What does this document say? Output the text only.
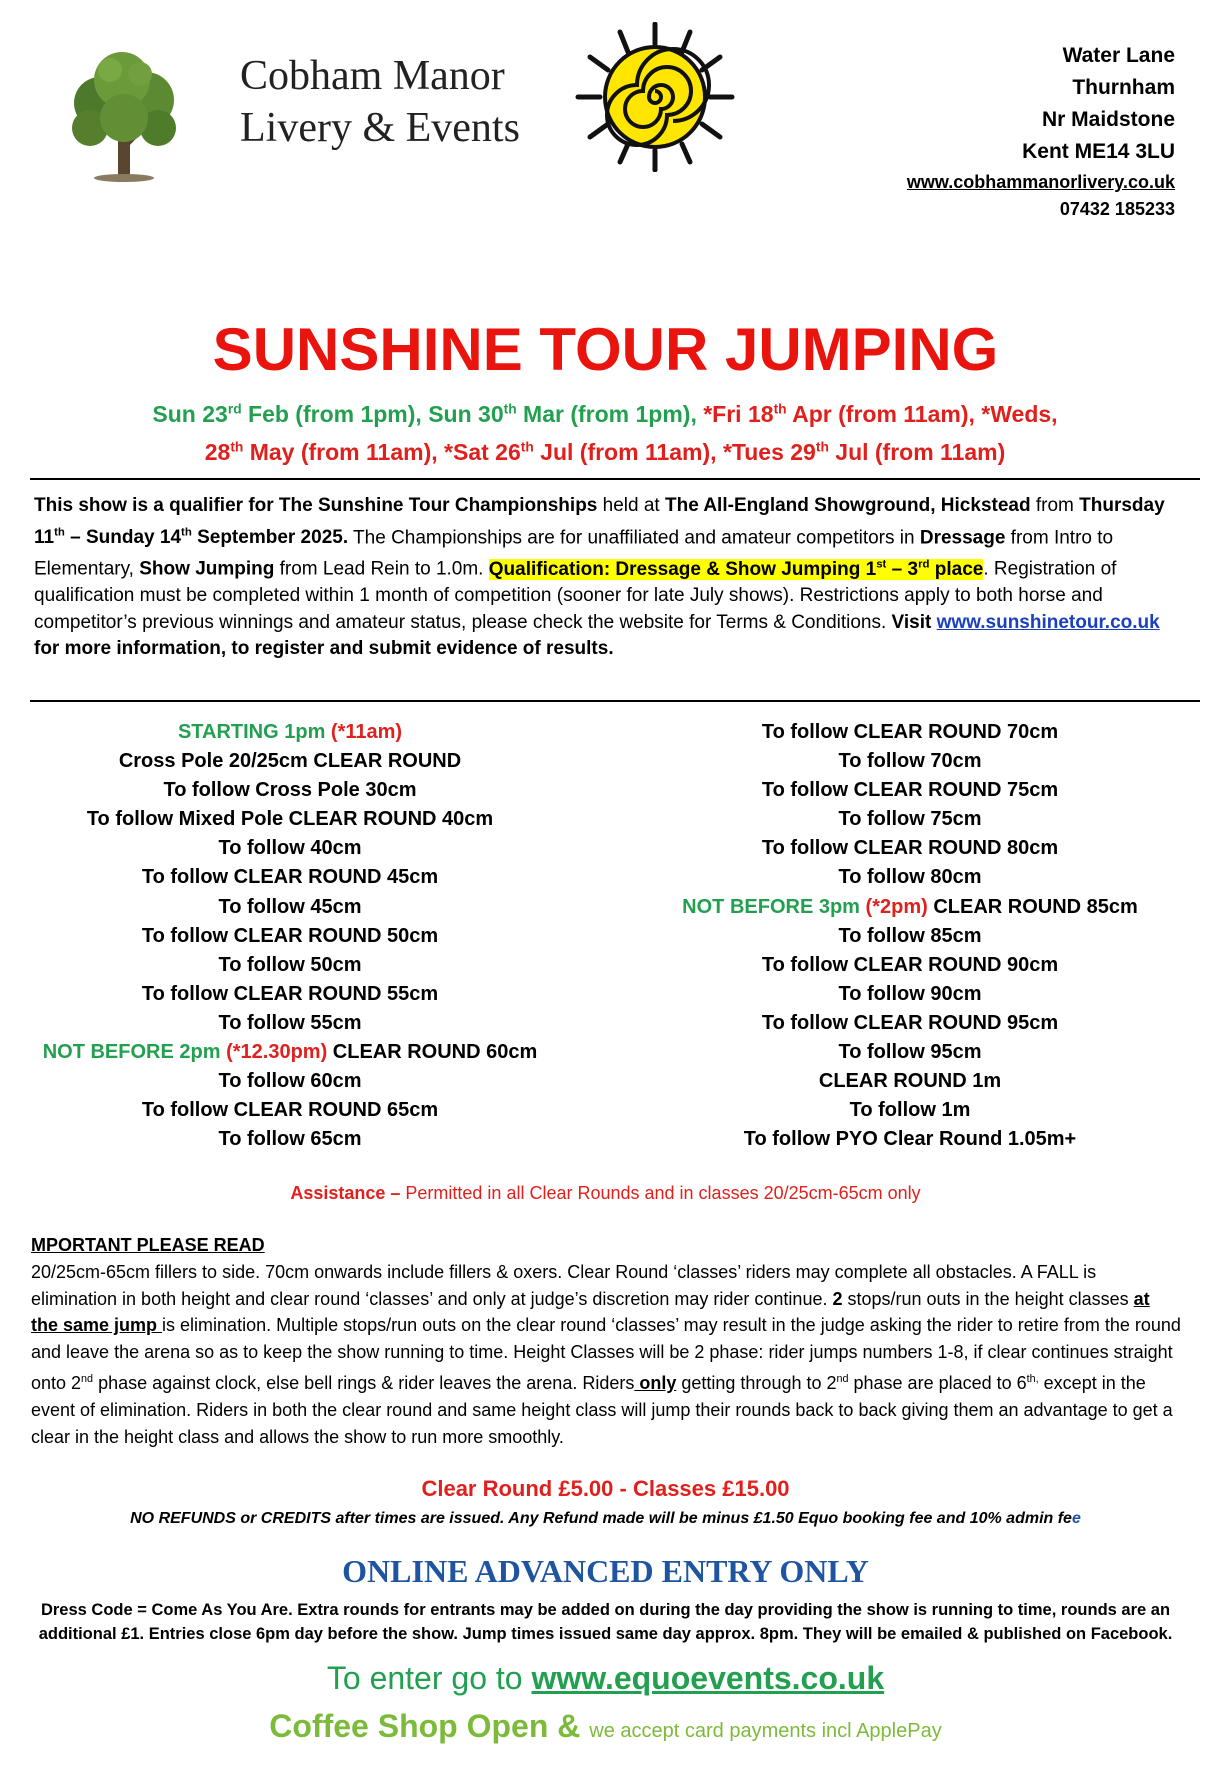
Cobham Manor
Livery & Events
Water Lane
Thurnham
Nr Maidstone
Kent ME14 3LU
www.cobhammanorlivery.co.uk
07432 185233
SUNSHINE TOUR JUMPING
Sun 23rd Feb (from 1pm), Sun 30th Mar (from 1pm), *Fri 18th Apr (from 11am), *Weds,
28th May (from 11am), *Sat 26th Jul (from 11am), *Tues 29th Jul (from 11am)
This show is a qualifier for The Sunshine Tour Championships held at The All-England Showground, Hickstead from Thursday 11th – Sunday 14th September 2025. The Championships are for unaffiliated and amateur competitors in Dressage from Intro to Elementary, Show Jumping from Lead Rein to 1.0m. Qualification: Dressage & Show Jumping 1st – 3rd place. Registration of qualification must be completed within 1 month of competition (sooner for late July shows). Restrictions apply to both horse and competitor’s previous winnings and amateur status, please check the website for Terms & Conditions. Visit www.sunshinetour.co.uk for more information, to register and submit evidence of results.
STARTING 1pm (*11am)
Cross Pole 20/25cm CLEAR ROUND
To follow Cross Pole 30cm
To follow Mixed Pole CLEAR ROUND 40cm
To follow 40cm
To follow CLEAR ROUND 45cm
To follow 45cm
To follow CLEAR ROUND 50cm
To follow 50cm
To follow CLEAR ROUND 55cm
To follow 55cm
NOT BEFORE 2pm (*12.30pm) CLEAR ROUND 60cm
To follow 60cm
To follow CLEAR ROUND 65cm
To follow 65cm
To follow CLEAR ROUND 70cm
To follow 70cm
To follow CLEAR ROUND 75cm
To follow 75cm
To follow CLEAR ROUND 80cm
To follow 80cm
NOT BEFORE 3pm (*2pm) CLEAR ROUND 85cm
To follow 85cm
To follow CLEAR ROUND 90cm
To follow 90cm
To follow CLEAR ROUND 95cm
To follow 95cm
CLEAR ROUND 1m
To follow 1m
To follow PYO Clear Round 1.05m+
Assistance – Permitted in all Clear Rounds and in classes 20/25cm-65cm only
MPORTANT PLEASE READ
20/25cm-65cm fillers to side. 70cm onwards include fillers & oxers. Clear Round ‘classes’ riders may complete all obstacles. A FALL is elimination in both height and clear round ‘classes’ and only at judge’s discretion may rider continue. 2 stops/run outs in the height classes at the same jump is elimination. Multiple stops/run outs on the clear round ‘classes’ may result in the judge asking the rider to retire from the round and leave the arena so as to keep the show running to time. Height Classes will be 2 phase: rider jumps numbers 1-8, if clear continues straight onto 2nd phase against clock, else bell rings & rider leaves the arena. Riders only getting through to 2nd phase are placed to $6^{th,}$ except in the event of elimination. Riders in both the clear round and same height class will jump their rounds back to back giving them an advantage to get a clear in the height class and allows the show to run more smoothly.
Clear Round £5.00 - Classes £15.00
NO REFUNDS or CREDITS after times are issued. Any Refund made will be minus £1.50 Equo booking fee and 10% admin fee
ONLINE ADVANCED ENTRY ONLY
Dress Code = Come As You Are. Extra rounds for entrants may be added on during the day providing the show is running to time, rounds are an additional £1. Entries close 6pm day before the show. Jump times issued same day approx. 8pm. They will be emailed & published on Facebook.
To enter go to www.equoevents.co.uk
Coffee Shop Open & we accept card payments incl ApplePay
